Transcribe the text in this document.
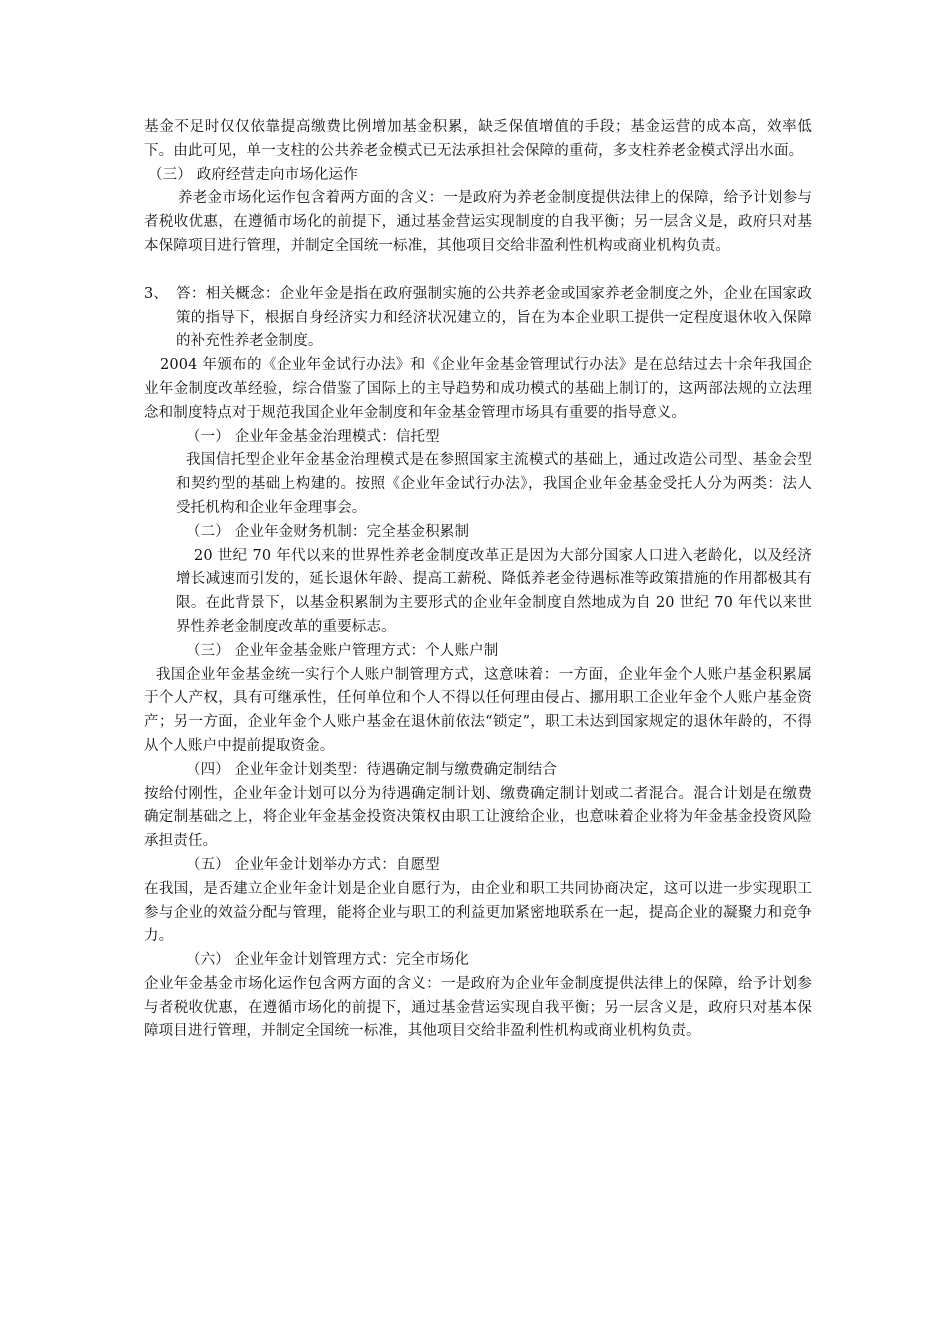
基金不足时仅仅依靠提高缴费比例增加基金积累，缺乏保值增值的手段；基金运营的成本高，效率低下。由此可见，单一支柱的公共养老金模式已无法承担社会保障的重荷，多支柱养老金模式浮出水面。

（三） 政府经营走向市场化运作

养老金市场化运作包含着两方面的含义：一是政府为养老金制度提供法律上的保障，给予计划参与者税收优惠，在遵循市场化的前提下，通过基金营运实现制度的自我平衡；另一层含义是，政府只对基本保障项目进行管理，并制定全国统一标准，其他项目交给非盈利性机构或商业机构负责。

3、 答：相关概念：企业年金是指在政府强制实施的公共养老金或国家养老金制度之外，企业在国家政策的指导下，根据自身经济实力和经济状况建立的，旨在为本企业职工提供一定程度退休收入保障的补充性养老金制度。

2004 年颁布的《企业年金试行办法》和《企业年金基金管理试行办法》是在总结过去十余年我国企业年金制度改革经验，综合借鉴了国际上的主导趋势和成功模式的基础上制订的，这两部法规的立法理念和制度特点对于规范我国企业年金制度和年金基金管理市场具有重要的指导意义。

（一） 企业年金基金治理模式：信托型

我国信托型企业年金基金治理模式是在参照国家主流模式的基础上，通过改造公司型、基金会型和契约型的基础上构建的。按照《企业年金试行办法》，我国企业年金基金受托人分为两类：法人受托机构和企业年金理事会。

（二） 企业年金财务机制：完全基金积累制

20 世纪 70 年代以来的世界性养老金制度改革正是因为大部分国家人口进入老龄化，以及经济增长减速而引发的，延长退休年龄、提高工薪税、降低养老金待遇标准等政策措施的作用都极其有限。在此背景下，以基金积累制为主要形式的企业年金制度自然地成为自 20 世纪 70 年代以来世界性养老金制度改革的重要标志。

（三） 企业年金基金账户管理方式：个人账户制

我国企业年金基金统一实行个人账户制管理方式，这意味着：一方面，企业年金个人账户基金积累属于个人产权，具有可继承性，任何单位和个人不得以任何理由侵占、挪用职工企业年金个人账户基金资产；另一方面，企业年金个人账户基金在退休前依法“锁定”，职工未达到国家规定的退休年龄的，不得从个人账户中提前提取资金。

（四） 企业年金计划类型：待遇确定制与缴费确定制结合

按给付刚性，企业年金计划可以分为待遇确定制计划、缴费确定制计划或二者混合。混合计划是在缴费确定制基础之上，将企业年金基金投资决策权由职工让渡给企业，也意味着企业将为年金基金投资风险承担责任。

（五） 企业年金计划举办方式：自愿型

在我国，是否建立企业年金计划是企业自愿行为，由企业和职工共同协商决定，这可以进一步实现职工参与企业的效益分配与管理，能将企业与职工的利益更加紧密地联系在一起，提高企业的凝聚力和竞争力。

（六） 企业年金计划管理方式：完全市场化

企业年金基金市场化运作包含两方面的含义：一是政府为企业年金制度提供法律上的保障，给予计划参与者税收优惠，在遵循市场化的前提下，通过基金营运实现自我平衡；另一层含义是，政府只对基本保障项目进行管理，并制定全国统一标准，其他项目交给非盈利性机构或商业机构负责。
